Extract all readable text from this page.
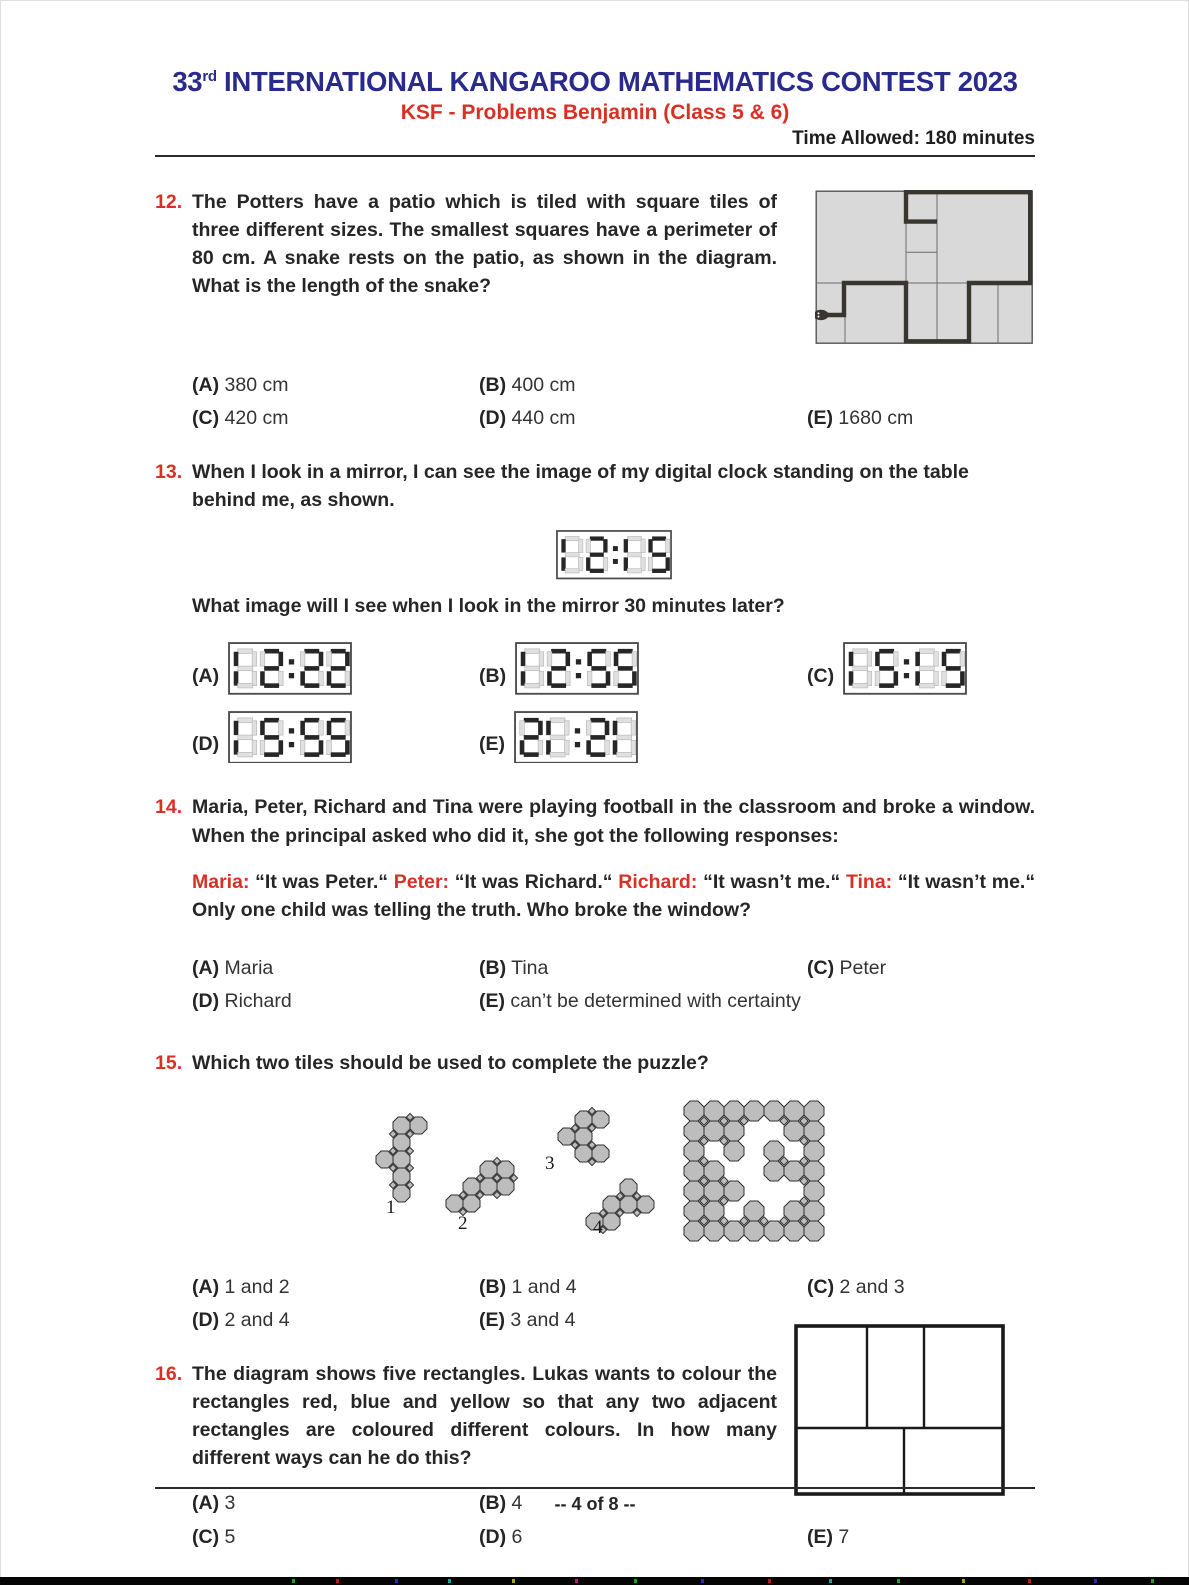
33rd INTERNATIONAL KANGAROO MATHEMATICS CONTEST 2023
KSF - Problems Benjamin (Class 5 & 6)
Time Allowed: 180 minutes
12. The Potters have a patio which is tiled with square tiles of three different sizes. The smallest squares have a perimeter of 80 cm. A snake rests on the patio, as shown in the diagram. What is the length of the snake?

(A) 380 cm	(B) 400 cm
(C) 420 cm	(D) 440 cm	(E) 1680 cm
13. When I look in a mirror, I can see the image of my digital clock standing on the table behind me, as shown.

What image will I see when I look in the mirror 30 minutes later?

(A)	(B)	(C)
(D)	(E)
14. Maria, Peter, Richard and Tina were playing football in the classroom and broke a window. When the principal asked who did it, she got the following responses:

Maria: “It was Peter.“ Peter: “It was Richard.“ Richard: “It wasn’t me.“ Tina: “It wasn’t me.“ Only one child was telling the truth. Who broke the window?

(A) Maria	(B) Tina	(C) Peter
(D) Richard	(E) can’t be determined with certainty
15. Which two tiles should be used to complete the puzzle?

1
2
3
4
(A) 1 and 2	(B) 1 and 4	(C) 2 and 3
(D) 2 and 4	(E) 3 and 4
16. The diagram shows five rectangles. Lukas wants to colour the rectangles red, blue and yellow so that any two adjacent rectangles are coloured different colours. In how many different ways can he do this?

(A) 3	(B) 4
(C) 5	(D) 6	(E) 7
-- 4 of 8 --
